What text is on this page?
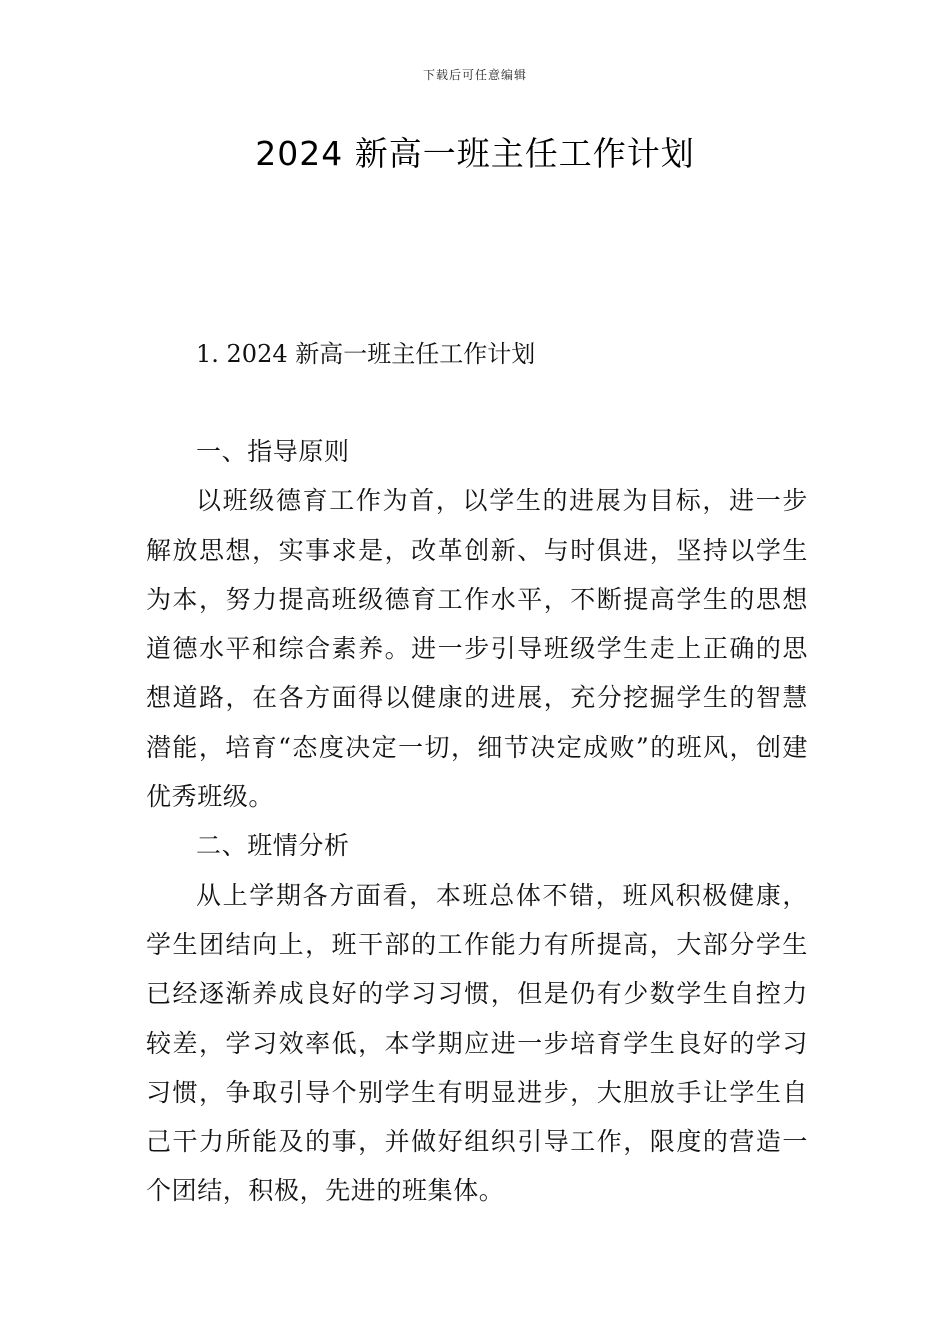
下载后可任意编辑
2024 新高一班主任工作计划
1. 2024 新高一班主任工作计划

一、指导原则

以班级德育工作为首，以学生的进展为目标，进一步解放思想，实事求是，改革创新、与时俱进，坚持以学生为本，努力提高班级德育工作水平，不断提高学生的思想道德水平和综合素养。进一步引导班级学生走上正确的思想道路，在各方面得以健康的进展，充分挖掘学生的智慧潜能，培育“态度决定一切，细节决定成败”的班风，创建优秀班级。

二、班情分析

从上学期各方面看，本班总体不错，班风积极健康，学生团结向上，班干部的工作能力有所提高，大部分学生已经逐渐养成良好的学习习惯，但是仍有少数学生自控力较差，学习效率低，本学期应进一步培育学生良好的学习习惯，争取引导个别学生有明显进步，大胆放手让学生自己干力所能及的事，并做好组织引导工作，限度的营造一个团结，积极，先进的班集体。
